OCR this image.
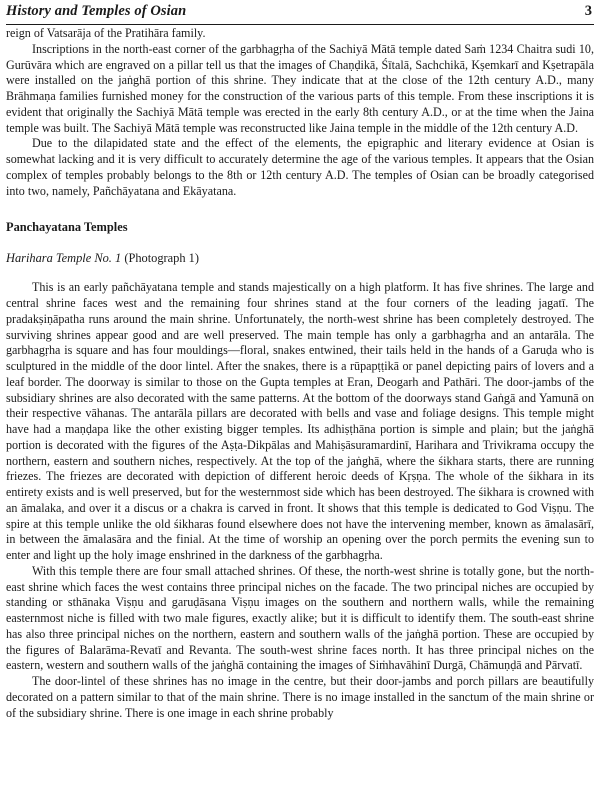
History and Temples of Osian	3

reign of Vatsarāja of the Pratihāra family.

Inscriptions in the north-east corner of the garbhagṛha of the Sachiyā Mātā temple dated Saṁ 1234 Chaitra sudi 10, Gurūvāra which are engraved on a pillar tell us that the images of Chaṇḍikā, Śītalā, Sachchikā, Kṣemkarī and Kṣetrapāla were installed on the jaṅghā portion of this shrine. They indicate that at the close of the 12th century A.D., many Brāhmaṇa families furnished money for the construction of the various parts of this temple. From these inscriptions it is evident that originally the Sachiyā Mātā temple was erected in the early 8th century A.D., or at the time when the Jaina temple was built. The Sachiyā Mātā temple was reconstructed like Jaina temple in the middle of the 12th century A.D.

Due to the dilapidated state and the effect of the elements, the epigraphic and literary evidence at Osian is somewhat lacking and it is very difficult to accurately determine the age of the various temples. It appears that the Osian complex of temples probably belongs to the 8th or 12th century A.D. The temples of Osian can be broadly categorised into two, namely, Pañchāyatana and Ekāyatana.

Panchayatana Temples
Harihara Temple No. 1 (Photograph 1)

This is an early pañchāyatana temple and stands majestically on a high platform. It has five shrines. The large and central shrine faces west and the remaining four shrines stand at the four corners of the leading jagatī. The pradakṣiṇāpatha runs around the main shrine. Unfortunately, the north-west shrine has been completely destroyed. The surviving shrines appear good and are well preserved. The main temple has only a garbhagṛha and an antarāla. The garbhagṛha is square and has four mouldings—floral, snakes entwined, their tails held in the hands of a Garuḍa who is sculptured in the middle of the door lintel. After the snakes, there is a rūpapṭṭikā or panel depicting pairs of lovers and a leaf border. The doorway is similar to those on the Gupta temples at Eran, Deogarh and Pathāri. The door-jambs of the subsidiary shrines are also decorated with the same patterns. At the bottom of the doorways stand Gaṅgā and Yamunā on their respective vāhanas. The antarāla pillars are decorated with bells and vase and foliage designs. This temple might have had a maṇḍapa like the other existing bigger temples. Its adhiṣṭhāna portion is simple and plain; but the jaṅghā portion is decorated with the figures of the Aṣṭa-Dikpālas and Mahiṣāsuramardinī, Harihara and Trivikrama occupy the northern, eastern and southern niches, respectively. At the top of the jaṅghā, where the śikhara starts, there are running friezes. The friezes are decorated with depiction of different heroic deeds of Kṛṣṇa. The whole of the śikhara in its entirety exists and is well preserved, but for the westernmost side which has been destroyed. The śikhara is crowned with an āmalaka, and over it a discus or a chakra is carved in front. It shows that this temple is dedicated to God Viṣṇu. The spire at this temple unlike the old śikharas found elsewhere does not have the intervening member, known as āmalasārī, in between the āmalasāra and the finial. At the time of worship an opening over the porch permits the evening sun to enter and light up the holy image enshrined in the darkness of the garbhagṛha.

With this temple there are four small attached shrines. Of these, the north-west shrine is totally gone, but the north-east shrine which faces the west contains three principal niches on the facade. The two principal niches are occupied by standing or sthānaka Viṣṇu and garuḍāsana Viṣṇu images on the southern and northern walls, while the remaining easternmost niche is filled with two male figures, exactly alike; but it is difficult to identify them. The south-east shrine has also three principal niches on the northern, eastern and southern walls of the jaṅghā portion. These are occupied by the figures of Balarāma-Revatī and Revanta. The south-west shrine faces north. It has three principal niches on the eastern, western and southern walls of the jaṅghā containing the images of Siṁhavāhinī Durgā, Chāmuṇḍā and Pārvatī.

The door-lintel of these shrines has no image in the centre, but their door-jambs and porch pillars are beautifully decorated on a pattern similar to that of the main shrine. There is no image installed in the sanctum of the main shrine or of the subsidiary shrine. There is one image in each shrine probably
